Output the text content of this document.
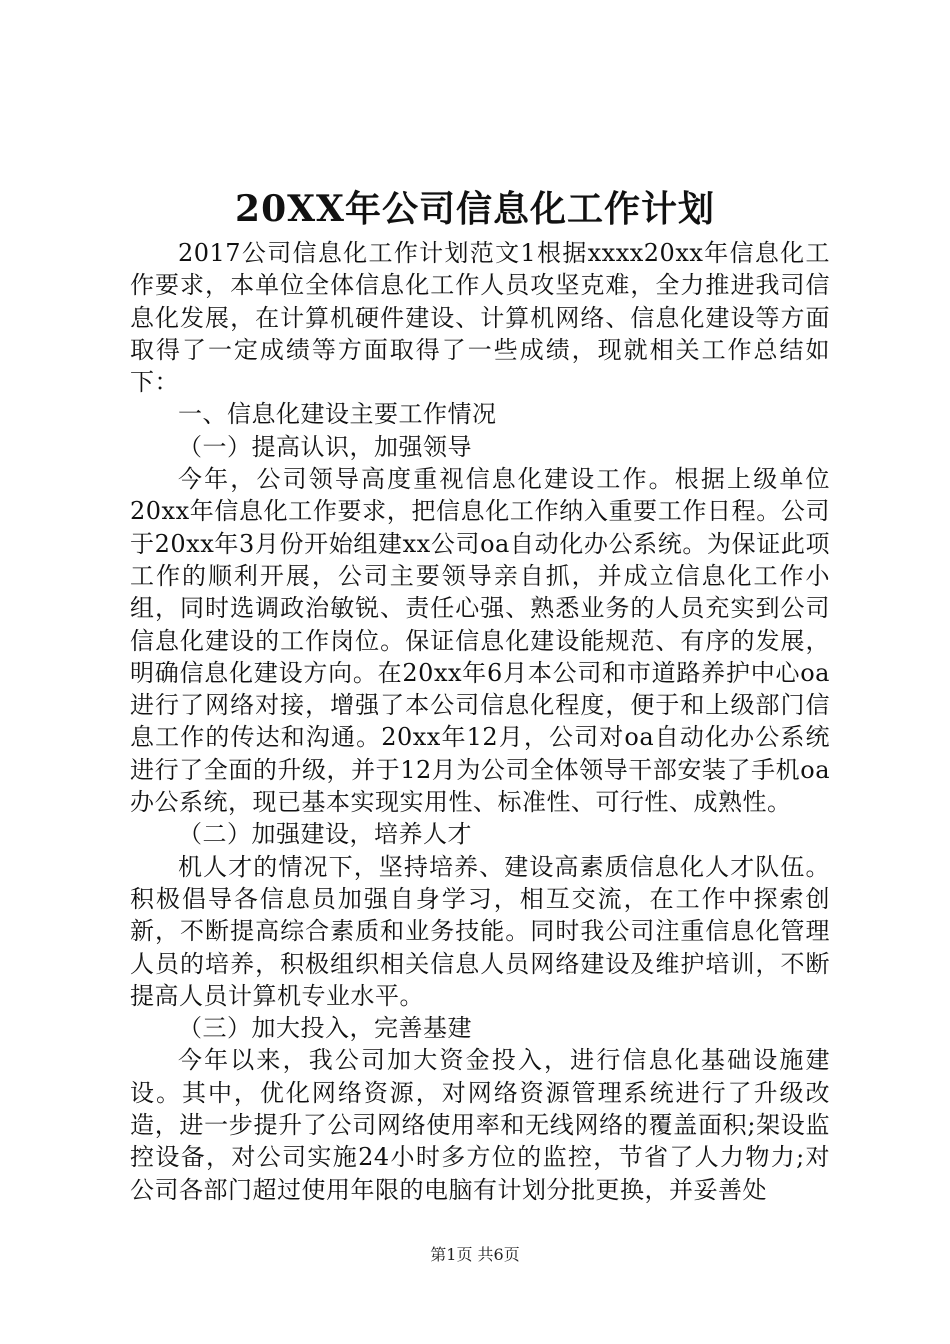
20XX年公司信息化工作计划

2017公司信息化工作计划范文1根据xxxx20xx年信息化工作要求，本单位全体信息化工作人员攻坚克难，全力推进我司信息化发展，在计算机硬件建设、计算机网络、信息化建设等方面取得了一定成绩等方面取得了一些成绩，现就相关工作总结如下：

一、信息化建设主要工作情况

（一）提高认识，加强领导

今年，公司领导高度重视信息化建设工作。根据上级单位20xx年信息化工作要求，把信息化工作纳入重要工作日程。公司于20xx年3月份开始组建xx公司oa自动化办公系统。为保证此项工作的顺利开展，公司主要领导亲自抓，并成立信息化工作小组，同时选调政治敏锐、责任心强、熟悉业务的人员充实到公司信息化建设的工作岗位。保证信息化建设能规范、有序的发展，明确信息化建设方向。在20xx年6月本公司和市道路养护中心oa进行了网络对接，增强了本公司信息化程度，便于和上级部门信息工作的传达和沟通。20xx年12月，公司对oa自动化办公系统进行了全面的升级，并于12月为公司全体领导干部安装了手机oa办公系统，现已基本实现实用性、标准性、可行性、成熟性。

（二）加强建设，培养人才

机人才的情况下，坚持培养、建设高素质信息化人才队伍。积极倡导各信息员加强自身学习，相互交流，在工作中探索创新，不断提高综合素质和业务技能。同时我公司注重信息化管理人员的培养，积极组织相关信息人员网络建设及维护培训，不断提高人员计算机专业水平。

（三）加大投入，完善基建

今年以来，我公司加大资金投入，进行信息化基础设施建设。其中，优化网络资源，对网络资源管理系统进行了升级改造，进一步提升了公司网络使用率和无线网络的覆盖面积;架设监控设备，对公司实施24小时多方位的监控，节省了人力物力;对公司各部门超过使用年限的电脑有计划分批更换，并妥善处

第1页 共6页
